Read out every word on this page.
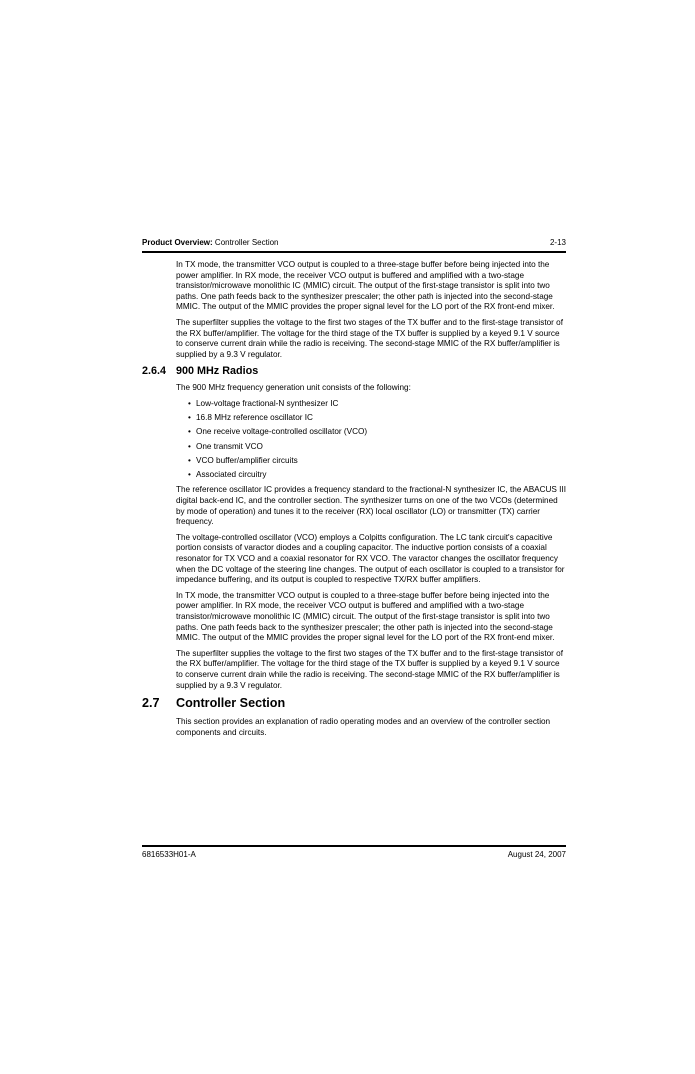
Product Overview: Controller Section	2-13

In TX mode, the transmitter VCO output is coupled to a three-stage buffer before being injected into the power amplifier. In RX mode, the receiver VCO output is buffered and amplified with a two-stage transistor/microwave monolithic IC (MMIC) circuit. The output of the first-stage transistor is split into two paths. One path feeds back to the synthesizer prescaler; the other path is injected into the second-stage MMIC. The output of the MMIC provides the proper signal level for the LO port of the RX front-end mixer.

The superfilter supplies the voltage to the first two stages of the TX buffer and to the first-stage transistor of the RX buffer/amplifier. The voltage for the third stage of the TX buffer is supplied by a keyed 9.1 V source to conserve current drain while the radio is receiving. The second-stage MMIC of the RX buffer/amplifier is supplied by a 9.3 V regulator.

2.6.4 900 MHz Radios

The 900 MHz frequency generation unit consists of the following:

• Low-voltage fractional-N synthesizer IC
• 16.8 MHz reference oscillator IC
• One receive voltage-controlled oscillator (VCO)
• One transmit VCO
• VCO buffer/amplifier circuits
• Associated circuitry

The reference oscillator IC provides a frequency standard to the fractional-N synthesizer IC, the ABACUS III digital back-end IC, and the controller section. The synthesizer turns on one of the two VCOs (determined by mode of operation) and tunes it to the receiver (RX) local oscillator (LO) or transmitter (TX) carrier frequency.

The voltage-controlled oscillator (VCO) employs a Colpitts configuration. The LC tank circuit's capacitive portion consists of varactor diodes and a coupling capacitor. The inductive portion consists of a coaxial resonator for TX VCO and a coaxial resonator for RX VCO. The varactor changes the oscillator frequency when the DC voltage of the steering line changes. The output of each oscillator is coupled to a transistor for impedance buffering, and its output is coupled to respective TX/RX buffer amplifiers.

In TX mode, the transmitter VCO output is coupled to a three-stage buffer before being injected into the power amplifier. In RX mode, the receiver VCO output is buffered and amplified with a two-stage transistor/microwave monolithic IC (MMIC) circuit. The output of the first-stage transistor is split into two paths. One path feeds back to the synthesizer prescaler; the other path is injected into the second-stage MMIC. The output of the MMIC provides the proper signal level for the LO port of the RX front-end mixer.

The superfilter supplies the voltage to the first two stages of the TX buffer and to the first-stage transistor of the RX buffer/amplifier. The voltage for the third stage of the TX buffer is supplied by a keyed 9.1 V source to conserve current drain while the radio is receiving. The second-stage MMIC of the RX buffer/amplifier is supplied by a 9.3 V regulator.

2.7	Controller Section

This section provides an explanation of radio operating modes and an overview of the controller section components and circuits.

6816533H01-A	August 24, 2007
